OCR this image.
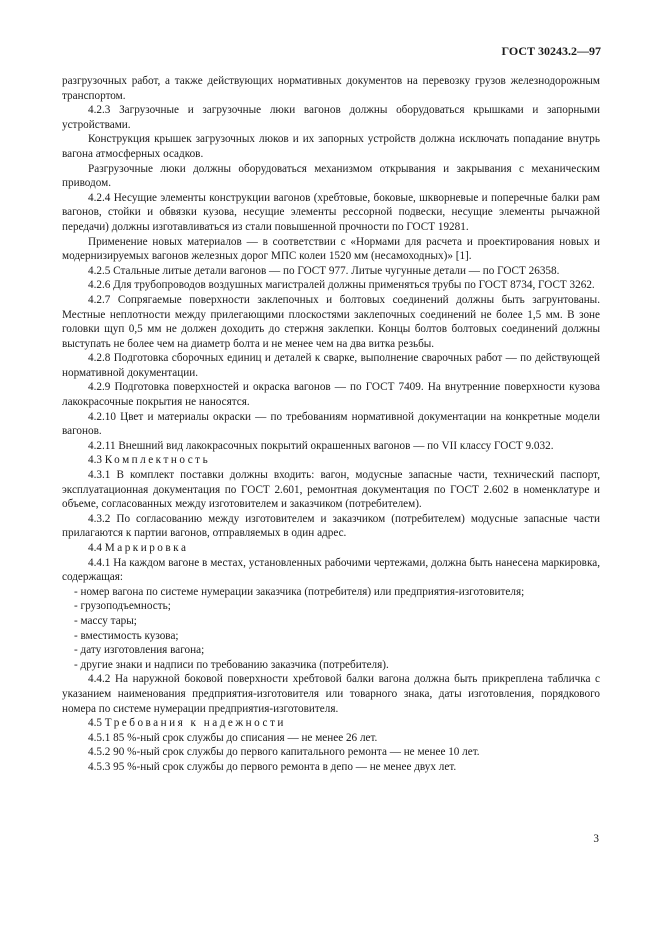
ГОСТ 30243.2—97

разгрузочных работ, а также действующих нормативных документов на перевозку грузов железнодорожным транспортом.

4.2.3 Загрузочные и загрузочные люки вагонов должны оборудоваться крышками и запорными устройствами.

Конструкция крышек загрузочных люков и их запорных устройств должна исключать попадание внутрь вагона атмосферных осадков.

Разгрузочные люки должны оборудоваться механизмом открывания и закрывания с механическим приводом.

4.2.4 Несущие элементы конструкции вагонов (хребтовые, боковые, шкворневые и поперечные балки рам вагонов, стойки и обвязки кузова, несущие элементы рессорной подвески, несущие элементы рычажной передачи) должны изготавливаться из стали повышенной прочности по ГОСТ 19281.

Применение новых материалов — в соответствии с «Нормами для расчета и проектирования новых и модернизируемых вагонов железных дорог МПС колеи 1520 мм (несамоходных)» [1].

4.2.5 Стальные литые детали вагонов — по ГОСТ 977. Литые чугунные детали — по ГОСТ 26358.

4.2.6 Для трубопроводов воздушных магистралей должны применяться трубы по ГОСТ 8734, ГОСТ 3262.

4.2.7 Сопрягаемые поверхности заклепочных и болтовых соединений должны быть загрунтованы. Местные неплотности между прилегающими плоскостями заклепочных соединений не более 1,5 мм. В зоне головки щуп 0,5 мм не должен доходить до стержня заклепки. Концы болтов болтовых соединений должны выступать не более чем на диаметр болта и не менее чем на два витка резьбы.

4.2.8 Подготовка сборочных единиц и деталей к сварке, выполнение сварочных работ — по действующей нормативной документации.

4.2.9 Подготовка поверхностей и окраска вагонов — по ГОСТ 7409. На внутренние поверхности кузова лакокрасочные покрытия не наносятся.

4.2.10 Цвет и материалы окраски — по требованиям нормативной документации на конкретные модели вагонов.

4.2.11 Внешний вид лакокрасочных покрытий окрашенных вагонов — по VII классу ГОСТ 9.032.

4.3 Комплектность

4.3.1 В комплект поставки должны входить: вагон, модусные запасные части, технический паспорт, эксплуатационная документация по ГОСТ 2.601, ремонтная документация по ГОСТ 2.602 в номенклатуре и объеме, согласованных между изготовителем и заказчиком (потребителем).

4.3.2 По согласованию между изготовителем и заказчиком (потребителем) модусные запасные части прилагаются к партии вагонов, отправляемых в один адрес.

4.4 Маркировка

4.4.1 На каждом вагоне в местах, установленных рабочими чертежами, должна быть нанесена маркировка, содержащая:

- номер вагона по системе нумерации заказчика (потребителя) или предприятия-изготовителя;

- грузоподъемность;

- массу тары;

- вместимость кузова;

- дату изготовления вагона;

- другие знаки и надписи по требованию заказчика (потребителя).

4.4.2 На наружной боковой поверхности хребтовой балки вагона должна быть прикреплена табличка с указанием наименования предприятия-изготовителя или товарного знака, даты изготовления, порядкового номера по системе нумерации предприятия-изготовителя.

4.5 Требования к надежности

4.5.1 85 %-ный срок службы до списания — не менее 26 лет.

4.5.2 90 %-ный срок службы до первого капитального ремонта — не менее 10 лет.

4.5.3 95 %-ный срок службы до первого ремонта в депо — не менее двух лет.

3
